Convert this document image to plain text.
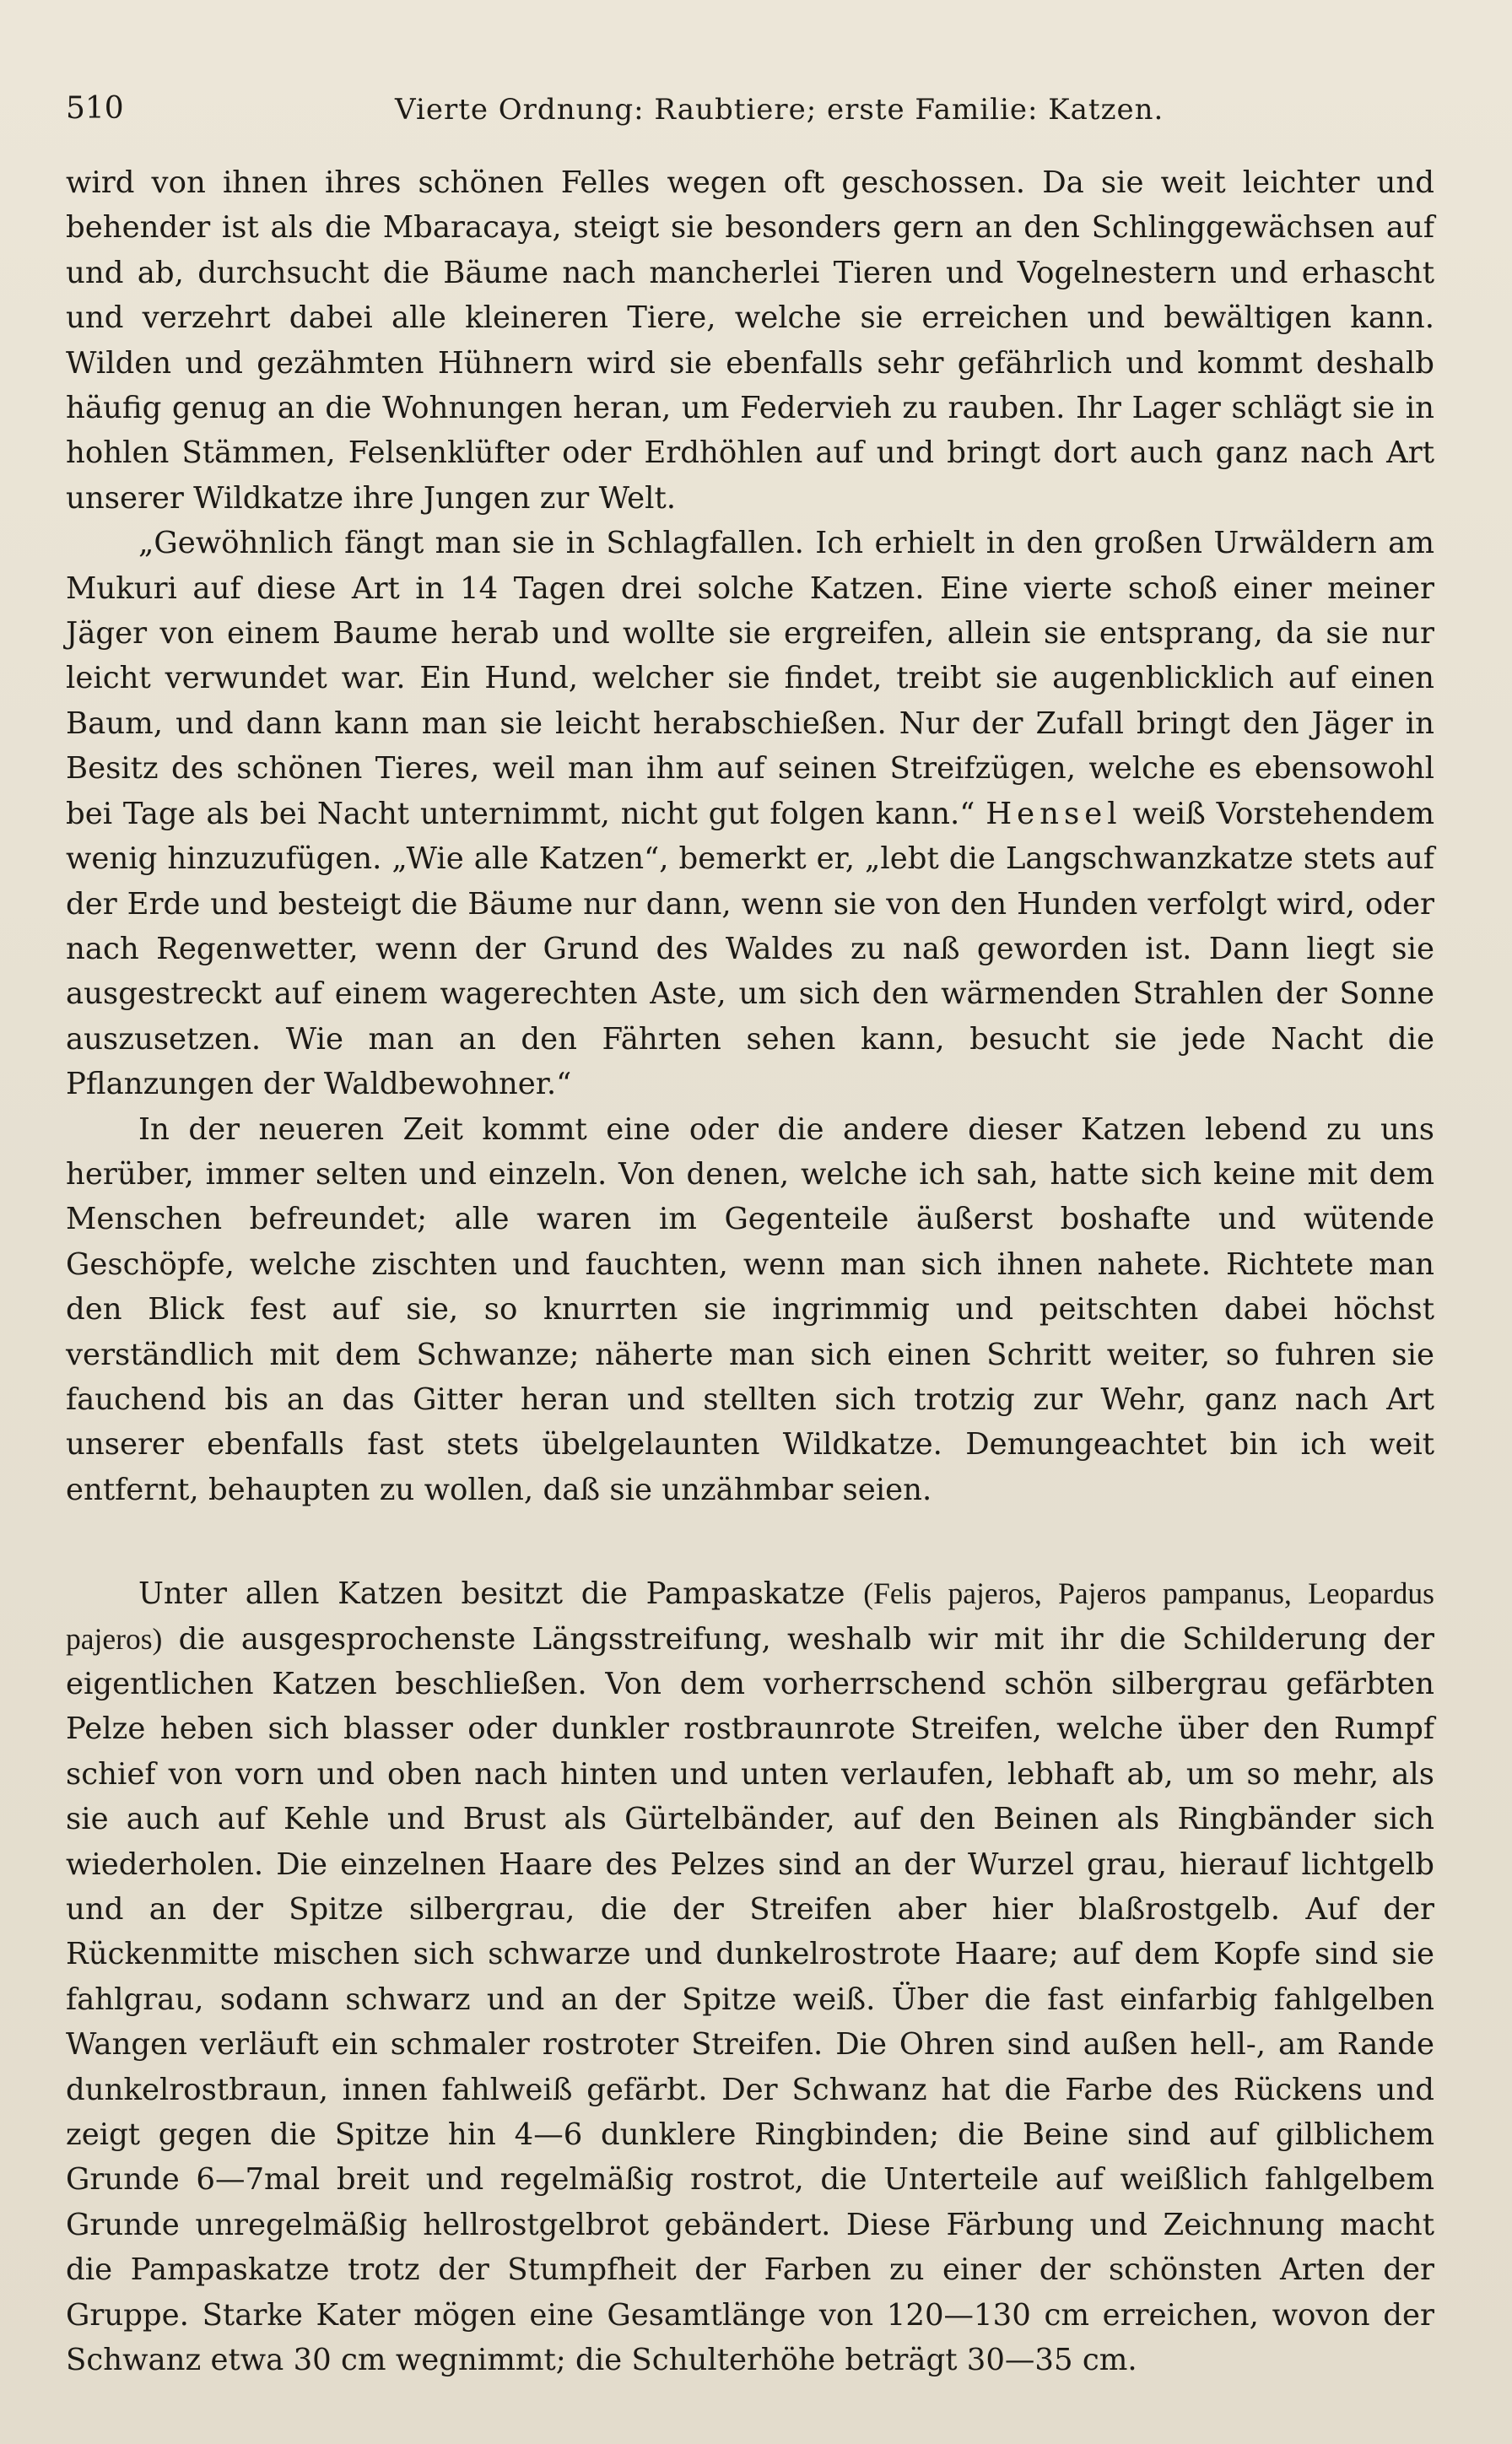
510	Vierte Ordnung: Raubtiere; erste Familie: Katzen.

wird von ihnen ihres schönen Felles wegen oft geschossen. Da sie weit leichter und behender ist als die Mbaracaya, steigt sie besonders gern an den Schlinggewächsen auf und ab, durchsucht die Bäume nach mancherlei Tieren und Vogelnestern und erhascht und verzehrt dabei alle kleineren Tiere, welche sie erreichen und bewältigen kann. Wilden und gezähmten Hühnern wird sie ebenfalls sehr gefährlich und kommt deshalb häufig genug an die Wohnungen heran, um Federvieh zu rauben. Ihr Lager schlägt sie in hohlen Stämmen, Felsenklüfter oder Erdhöhlen auf und bringt dort auch ganz nach Art unserer Wildkatze ihre Jungen zur Welt.

„Gewöhnlich fängt man sie in Schlagfallen. Ich erhielt in den großen Urwäldern am Mukuri auf diese Art in 14 Tagen drei solche Katzen. Eine vierte schoß einer meiner Jäger von einem Baume herab und wollte sie ergreifen, allein sie entsprang, da sie nur leicht verwundet war. Ein Hund, welcher sie findet, treibt sie augenblicklich auf einen Baum, und dann kann man sie leicht herabschießen. Nur der Zufall bringt den Jäger in Besitz des schönen Tieres, weil man ihm auf seinen Streifzügen, welche es ebensowohl bei Tage als bei Nacht unternimmt, nicht gut folgen kann.“ Hensel weiß Vorstehendem wenig hinzuzufügen. „Wie alle Katzen“, bemerkt er, „lebt die Langschwanzkatze stets auf der Erde und besteigt die Bäume nur dann, wenn sie von den Hunden verfolgt wird, oder nach Regenwetter, wenn der Grund des Waldes zu naß geworden ist. Dann liegt sie ausgestreckt auf einem wagerechten Aste, um sich den wärmenden Strahlen der Sonne auszusetzen. Wie man an den Fährten sehen kann, besucht sie jede Nacht die Pflanzungen der Waldbewohner.“

In der neueren Zeit kommt eine oder die andere dieser Katzen lebend zu uns herüber, immer selten und einzeln. Von denen, welche ich sah, hatte sich keine mit dem Menschen befreundet; alle waren im Gegenteile äußerst boshafte und wütende Geschöpfe, welche zischten und fauchten, wenn man sich ihnen nahete. Richtete man den Blick fest auf sie, so knurrten sie ingrimmig und peitschten dabei höchst verständlich mit dem Schwanze; näherte man sich einen Schritt weiter, so fuhren sie fauchend bis an das Gitter heran und stellten sich trotzig zur Wehr, ganz nach Art unserer ebenfalls fast stets übelgelaunten Wildkatze. Demungeachtet bin ich weit entfernt, behaupten zu wollen, daß sie unzähmbar seien.

Unter allen Katzen besitzt die Pampaskatze (Felis pajeros, Pajeros pampanus, Leopardus pajeros) die ausgesprochenste Längsstreifung, weshalb wir mit ihr die Schilderung der eigentlichen Katzen beschließen. Von dem vorherrschend schön silbergrau gefärbten Pelze heben sich blasser oder dunkler rostbraunrote Streifen, welche über den Rumpf schief von vorn und oben nach hinten und unten verlaufen, lebhaft ab, um so mehr, als sie auch auf Kehle und Brust als Gürtelbänder, auf den Beinen als Ringbänder sich wiederholen. Die einzelnen Haare des Pelzes sind an der Wurzel grau, hierauf lichtgelb und an der Spitze silbergrau, die der Streifen aber hier blaßrostgelb. Auf der Rückenmitte mischen sich schwarze und dunkelrostrote Haare; auf dem Kopfe sind sie fahlgrau, sodann schwarz und an der Spitze weiß. Über die fast einfarbig fahlgelben Wangen verläuft ein schmaler rostroter Streifen. Die Ohren sind außen hell-, am Rande dunkelrostbraun, innen fahlweiß gefärbt. Der Schwanz hat die Farbe des Rückens und zeigt gegen die Spitze hin 4—6 dunklere Ringbinden; die Beine sind auf gilblichem Grunde 6—7mal breit und regelmäßig rostrot, die Unterteile auf weißlich fahlgelbem Grunde unregelmäßig hellrostgelbrot gebändert. Diese Färbung und Zeichnung macht die Pampaskatze trotz der Stumpfheit der Farben zu einer der schönsten Arten der Gruppe. Starke Kater mögen eine Gesamtlänge von 120—130 cm erreichen, wovon der Schwanz etwa 30 cm wegnimmt; die Schulterhöhe beträgt 30—35 cm.
